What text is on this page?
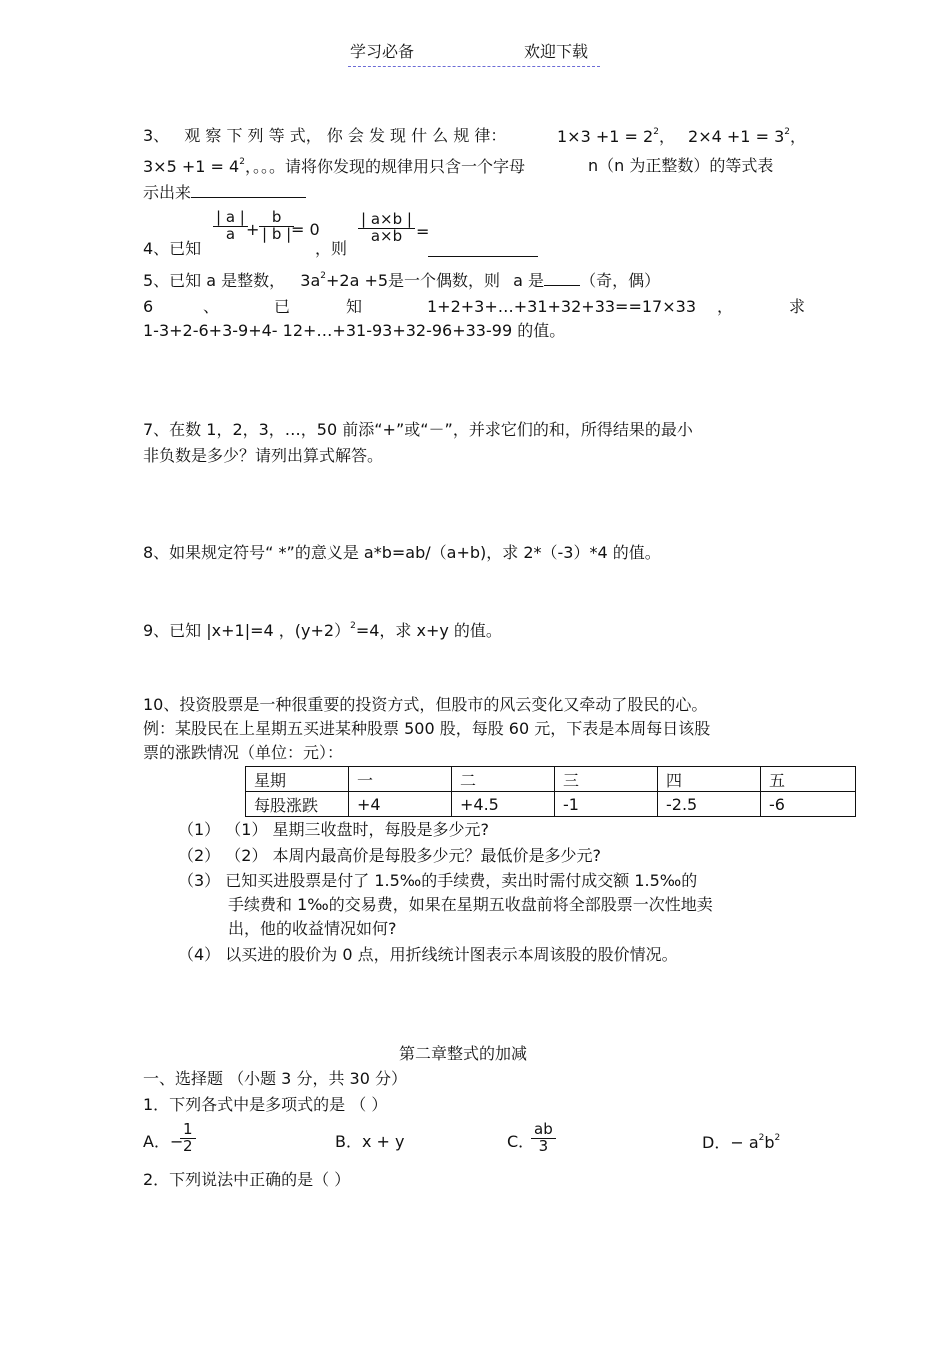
学习必备	欢迎下载
3、 观 察 下 列 等 式， 你 会 发 现 什 么 规 律：	$1\times 3 +1 = 2^2$， $2\times 4 +1 = 3^2$，
$3\times 5 +1 = 4^2$，。。。请将你发现的规律用只含一个字母	n（n 为正整数）的等式表
示出来
4、已知
$\frac{| a |}{a}$
+ $\frac{b}{| b |}$
= 0
，则
$\frac{| a\times b |}{a\times b}$ =
5、已知 a 是整数， $3a^2+2a +5$是一个偶数，则 a 是 （奇，偶）
6	、	已	知	1+2+3+…+31+32+33==17×33 ，	求
1-3+2-6+3-9+4- 12+…+31-93+32-96+33-99 的值。
7、在数 1，2，3，…，50 前添“+”或“－”，并求它们的和，所得结果的最小
非负数是多少？请列出算式解答。
8、如果规定符号“ *”的意义是 a*b=ab/（a+b)，求 2*（-3）*4 的值。
9、已知 |x+1|=4 ，(y+2）$^2$=4，求 x+y 的值。
10、投资股票是一种很重要的投资方式，但股市的风云变化又牵动了股民的心。
例：某股民在上星期五买进某种股票 500 股，每股 60 元，下表是本周每日该股
票的涨跌情况（单位：元）：
星期	一	二	三	四	五
每股涨跌	+4	+4.5	-1	-2.5	-6
（1） （1） 星期三收盘时，每股是多少元?
（2） （2） 本周内最高价是每股多少元？最低价是多少元?
（3） 已知买进股票是付了 1.5‰的手续费，卖出时需付成交额 1.5‰的
手续费和 1‰的交易费，如果在星期五收盘前将全部股票一次性地卖
出，他的收益情况如何?
（4） 以买进的股价为 0 点，用折线统计图表示本周该股的股价情况。
第二章整式的加减
一、选择题 （小题 3 分，共 30 分）
1．下列各式中是多项式的是 （ ）
A．−
$\frac{1}{2}$	B．x + y	C．
$\frac{ab}{3}$	D．− $a^2b^2$
2．下列说法中正确的是（ ）
